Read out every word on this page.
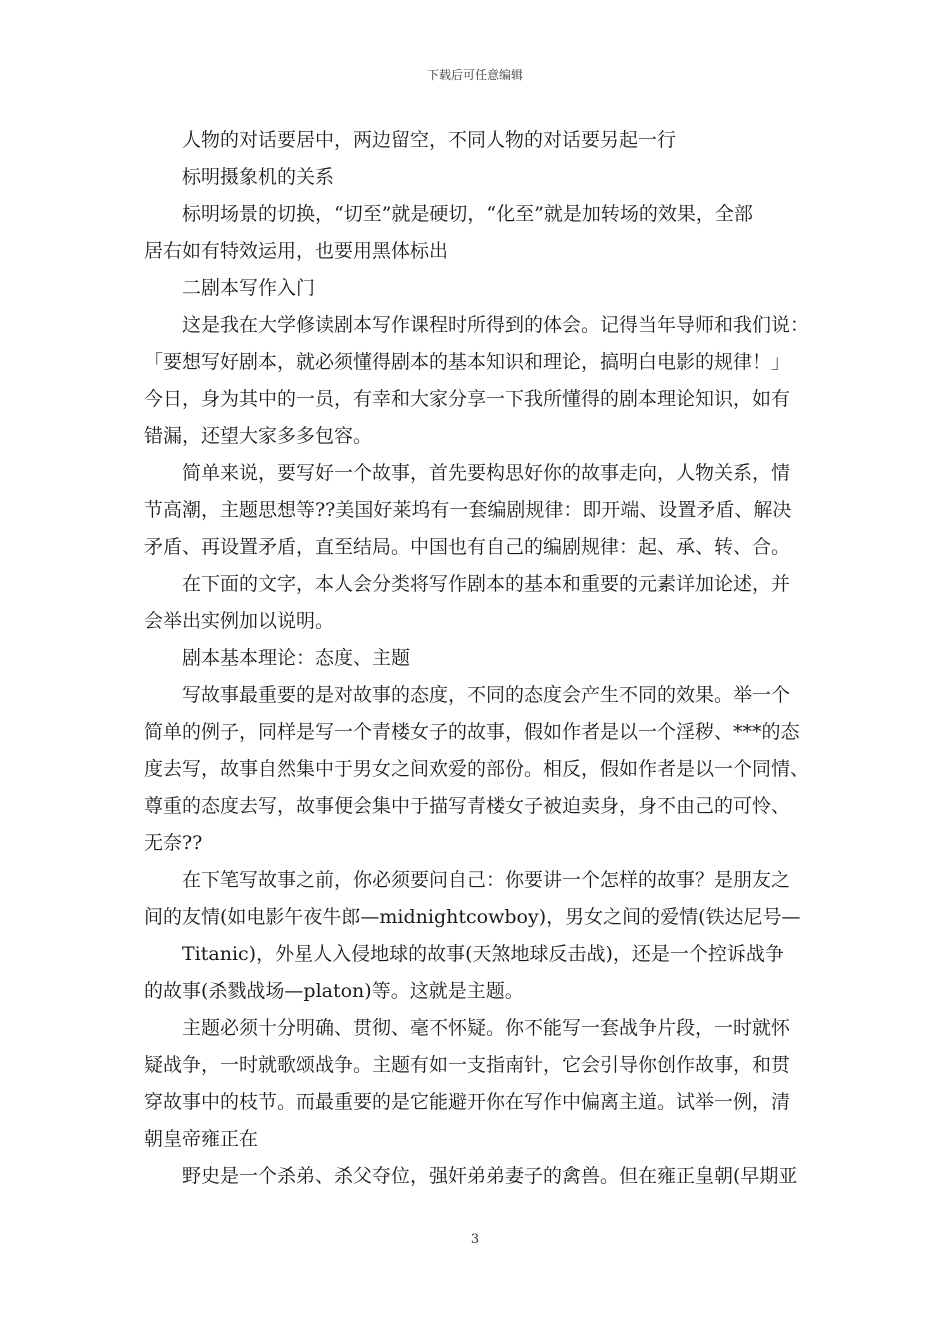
下载后可任意编辑
人物的对话要居中，两边留空，不同人物的对话要另起一行
标明摄象机的关系
标明场景的切换，“切至”就是硬切，“化至”就是加转场的效果，全部
居右如有特效运用，也要用黑体标出
二剧本写作入门
这是我在大学修读剧本写作课程时所得到的体会。记得当年导师和我们说：
「要想写好剧本，就必须懂得剧本的基本知识和理论，搞明白电影的规律！」
今日，身为其中的一员，有幸和大家分享一下我所懂得的剧本理论知识，如有
错漏，还望大家多多包容。
简单来说，要写好一个故事，首先要构思好你的故事走向，人物关系，情
节高潮，主题思想等??美国好莱坞有一套编剧规律：即开端、设置矛盾、解决
矛盾、再设置矛盾，直至结局。中国也有自己的编剧规律：起、承、转、合。
在下面的文字，本人会分类将写作剧本的基本和重要的元素详加论述，并
会举出实例加以说明。
剧本基本理论：态度、主题
写故事最重要的是对故事的态度，不同的态度会产生不同的效果。举一个
简单的例子，同样是写一个青楼女子的故事，假如作者是以一个淫秽、***的态
度去写，故事自然集中于男女之间欢爱的部份。相反，假如作者是以一个同情、
尊重的态度去写，故事便会集中于描写青楼女子被迫卖身，身不由己的可怜、
无奈??
在下笔写故事之前，你必须要问自己：你要讲一个怎样的故事？是朋友之
间的友情(如电影午夜牛郎—midnightcowboy)，男女之间的爱情(铁达尼号—
Titanic)，外星人入侵地球的故事(天煞地球反击战)，还是一个控诉战争
的故事(杀戮战场—platon)等。这就是主题。
主题必须十分明确、贯彻、毫不怀疑。你不能写一套战争片段，一时就怀
疑战争，一时就歌颂战争。主题有如一支指南针，它会引导你创作故事，和贯
穿故事中的枝节。而最重要的是它能避开你在写作中偏离主道。试举一例，清
朝皇帝雍正在
野史是一个杀弟、杀父夺位，强奸弟弟妻子的禽兽。但在雍正皇朝(早期亚
3
